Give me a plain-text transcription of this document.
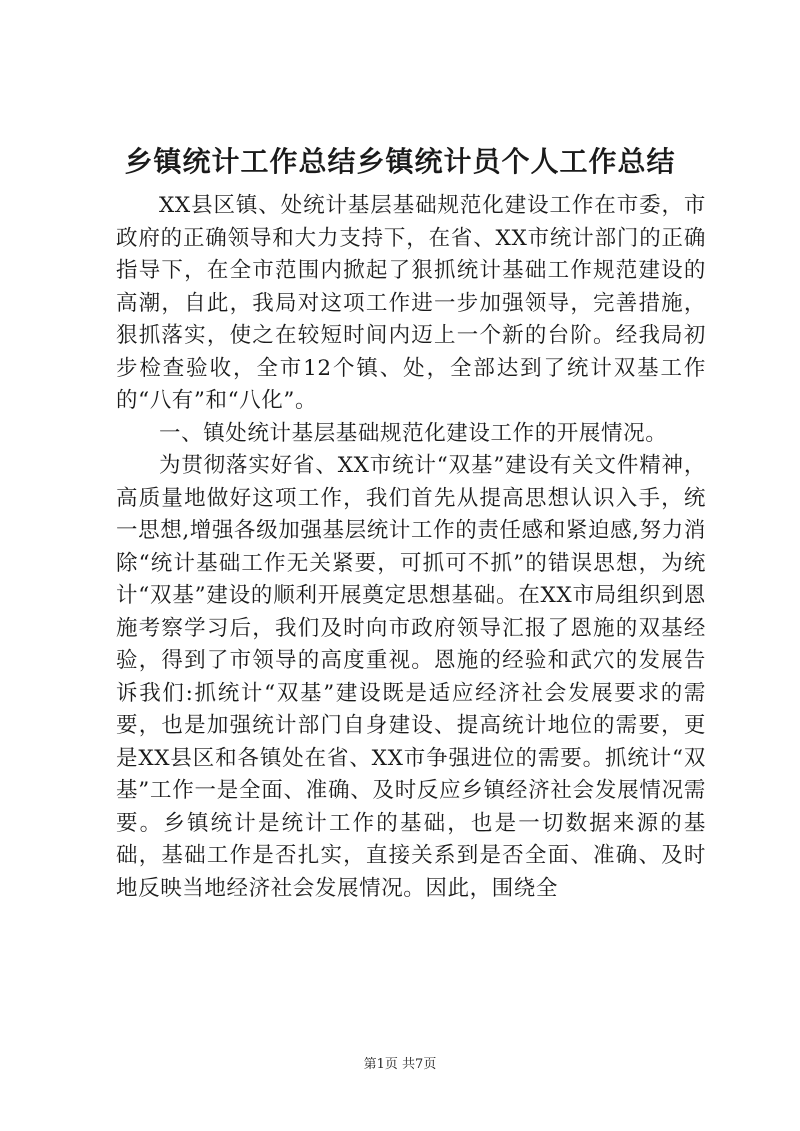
乡镇统计工作总结乡镇统计员个人工作总结

XX县区镇、处统计基层基础规范化建设工作在市委，市政府的正确领导和大力支持下，在省、XX市统计部门的正确指导下，在全市范围内掀起了狠抓统计基础工作规范建设的高潮，自此，我局对这项工作进一步加强领导，完善措施，狠抓落实，使之在较短时间内迈上一个新的台阶。经我局初步检查验收，全市12个镇、处，全部达到了统计双基工作的“八有”和“八化”。

一、镇处统计基层基础规范化建设工作的开展情况。

为贯彻落实好省、XX市统计“双基”建设有关文件精神，高质量地做好这项工作，我们首先从提高思想认识入手，统一思想,增强各级加强基层统计工作的责任感和紧迫感,努力消除“统计基础工作无关紧要，可抓可不抓”的错误思想，为统计“双基”建设的顺利开展奠定思想基础。在XX市局组织到恩施考察学习后，我们及时向市政府领导汇报了恩施的双基经验，得到了市领导的高度重视。恩施的经验和武穴的发展告诉我们:抓统计“双基”建设既是适应经济社会发展要求的需要，也是加强统计部门自身建设、提高统计地位的需要，更是XX县区和各镇处在省、XX市争强进位的需要。抓统计“双基”工作一是全面、准确、及时反应乡镇经济社会发展情况需要。乡镇统计是统计工作的基础，也是一切数据来源的基础，基础工作是否扎实，直接关系到是否全面、准确、及时地反映当地经济社会发展情况。因此，围绕全

第1页 共7页
